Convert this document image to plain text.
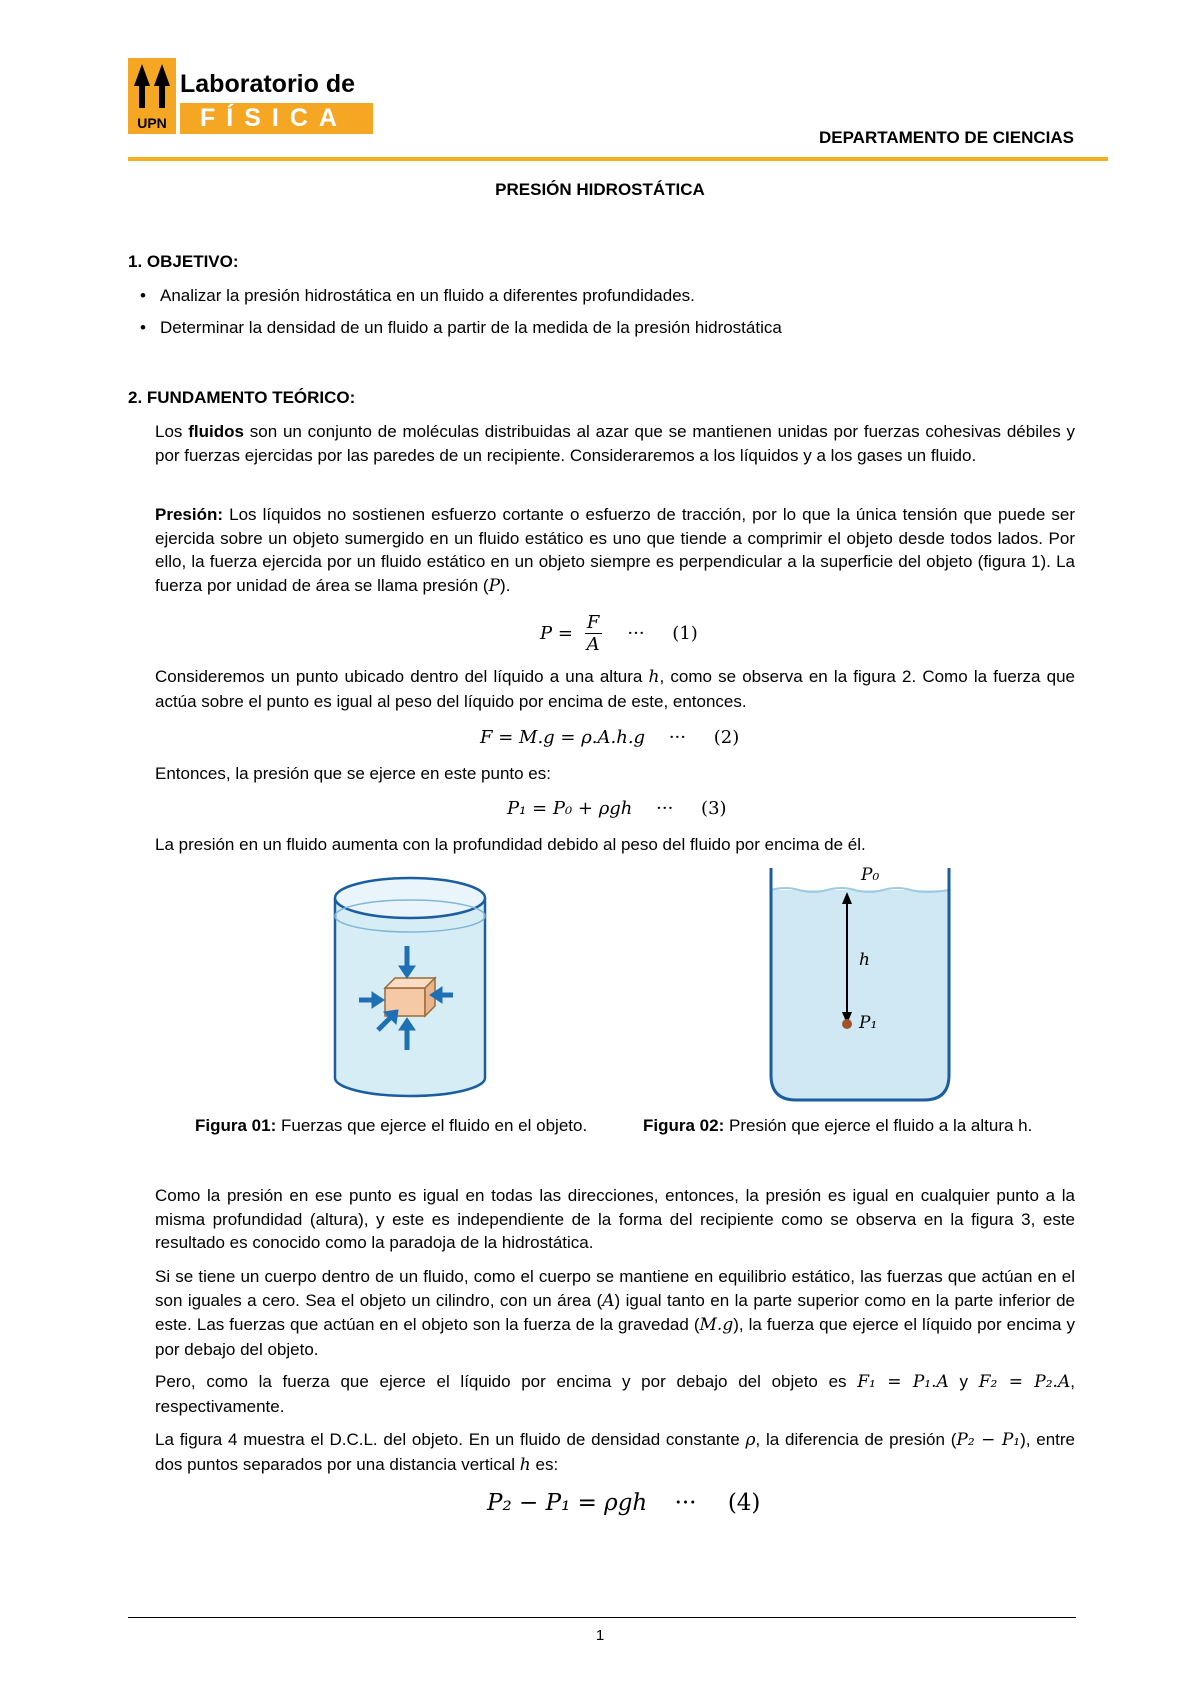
UPN
Laboratorio de
FÍSICA
DEPARTAMENTO DE CIENCIAS
PRESIÓN HIDROSTÁTICA
1. OBJETIVO:
• Analizar la presión hidrostática en un fluido a diferentes profundidades.
• Determinar la densidad de un fluido a partir de la medida de la presión hidrostática
2. FUNDAMENTO TEÓRICO:
Los fluidos son un conjunto de moléculas distribuidas al azar que se mantienen unidas por fuerzas cohesivas débiles y por fuerzas ejercidas por las paredes de un recipiente. Consideraremos a los líquidos y a los gases un fluido.
Presión: Los líquidos no sostienen esfuerzo cortante o esfuerzo de tracción, por lo que la única tensión que puede ser ejercida sobre un objeto sumergido en un fluido estático es uno que tiende a comprimir el objeto desde todos lados. Por ello, la fuerza ejercida por un fluido estático en un objeto siempre es perpendicular a la superficie del objeto (figura 1). La fuerza por unidad de área se llama presión (P).
$P = \frac{F}{A}$ ··· (1)
Consideremos un punto ubicado dentro del líquido a una altura h, como se observa en la figura 2. Como la fuerza que actúa sobre el punto es igual al peso del líquido por encima de este, entonces.
F = M.g = ρ.A.h.g ··· (2)
Entonces, la presión que se ejerce en este punto es:
P₁ = P₀ + ρgh ··· (3)
La presión en un fluido aumenta con la profundidad debido al peso del fluido por encima de él.
P₀
h
P₁
Figura 01: Fuerzas que ejerce el fluido en el objeto.	Figura 02: Presión que ejerce el fluido a la altura h.
Como la presión en ese punto es igual en todas las direcciones, entonces, la presión es igual en cualquier punto a la misma profundidad (altura), y este es independiente de la forma del recipiente como se observa en la figura 3, este resultado es conocido como la paradoja de la hidrostática.
Si se tiene un cuerpo dentro de un fluido, como el cuerpo se mantiene en equilibrio estático, las fuerzas que actúan en el son iguales a cero. Sea el objeto un cilindro, con un área (A) igual tanto en la parte superior como en la parte inferior de este. Las fuerzas que actúan en el objeto son la fuerza de la gravedad (M.g), la fuerza que ejerce el líquido por encima y por debajo del objeto.
Pero, como la fuerza que ejerce el líquido por encima y por debajo del objeto es F₁ = P₁.A y F₂ = P₂.A, respectivamente.
La figura 4 muestra el D.C.L. del objeto. En un fluido de densidad constante ρ, la diferencia de presión (P₂ − P₁), entre dos puntos separados por una distancia vertical h es:
P₂ − P₁ = ρgh ··· (4)
1
